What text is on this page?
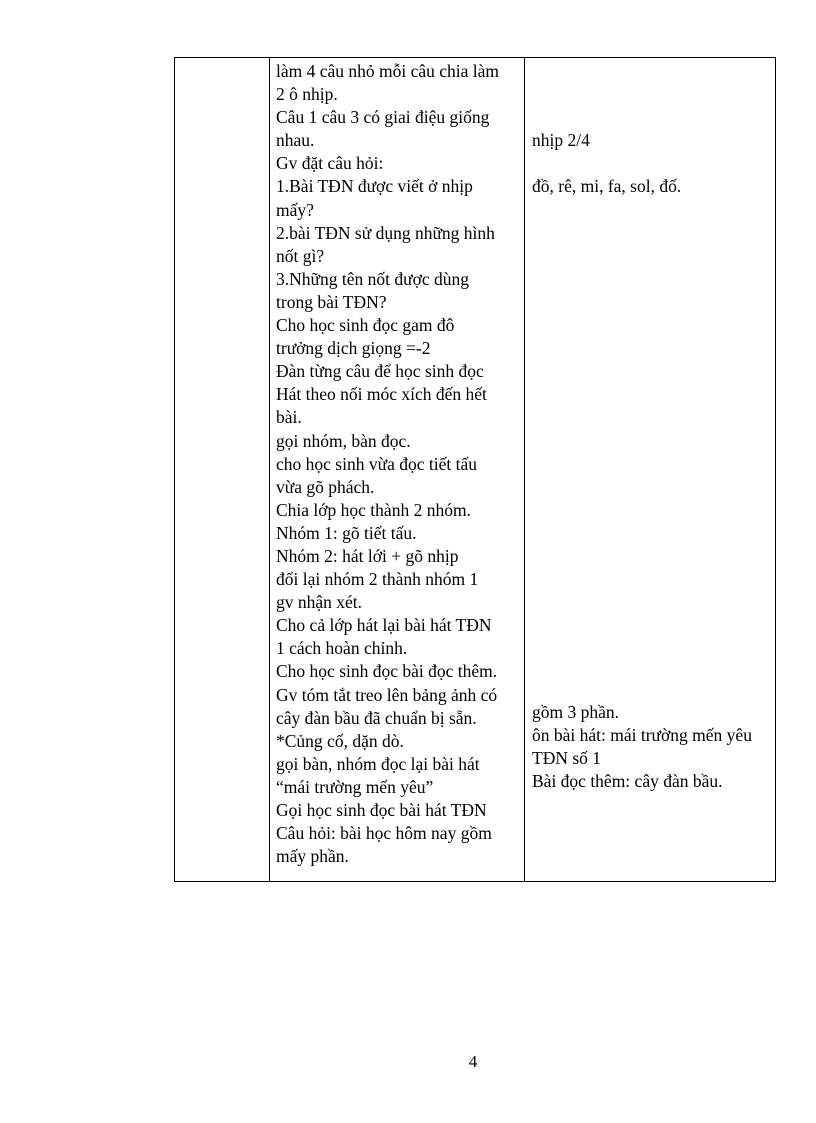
làm 4 câu nhỏ mỗi câu chia làm
2 ô nhịp.
Câu 1 câu 3 có giai điệu giống
nhau.
Gv đặt câu hỏi:
1.Bài TĐN được viết ở nhịp
mấy?
2.bài TĐN sử dụng những hình
nốt gì?
3.Những tên nốt được dùng
trong bài TĐN?
Cho học sinh đọc gam đô
trưởng dịch giọng =-2
Đàn từng câu để học sinh đọc
Hát theo nối móc xích đến hết
bài.
gọi nhóm, bàn đọc.
cho học sinh vừa đọc tiết tấu
vừa gõ phách.
Chia lớp học thành 2 nhóm.
Nhóm 1: gõ tiết tấu.
Nhóm 2: hát lới + gõ nhịp
đổi lại nhóm 2 thành nhóm 1
gv nhận xét.
Cho cả lớp hát lại bài hát TĐN
1 cách hoàn chỉnh.
Cho học sinh đọc bài đọc thêm.
Gv tóm tắt treo lên bảng ảnh có
cây đàn bầu đã chuẩn bị sẵn.
*Củng cố, dặn dò.
gọi bàn, nhóm đọc lại bài hát
“mái trường mến yêu”
Gọi học sinh đọc bài hát TĐN
Câu hỏi: bài học hôm nay gồm
mấy phần.
nhịp 2/4
đồ, rê, mi, fa, sol, đố.
gồm 3 phần.
ôn bài hát: mái trường mến yêu
TĐN số 1
Bài đọc thêm: cây đàn bầu.
4
